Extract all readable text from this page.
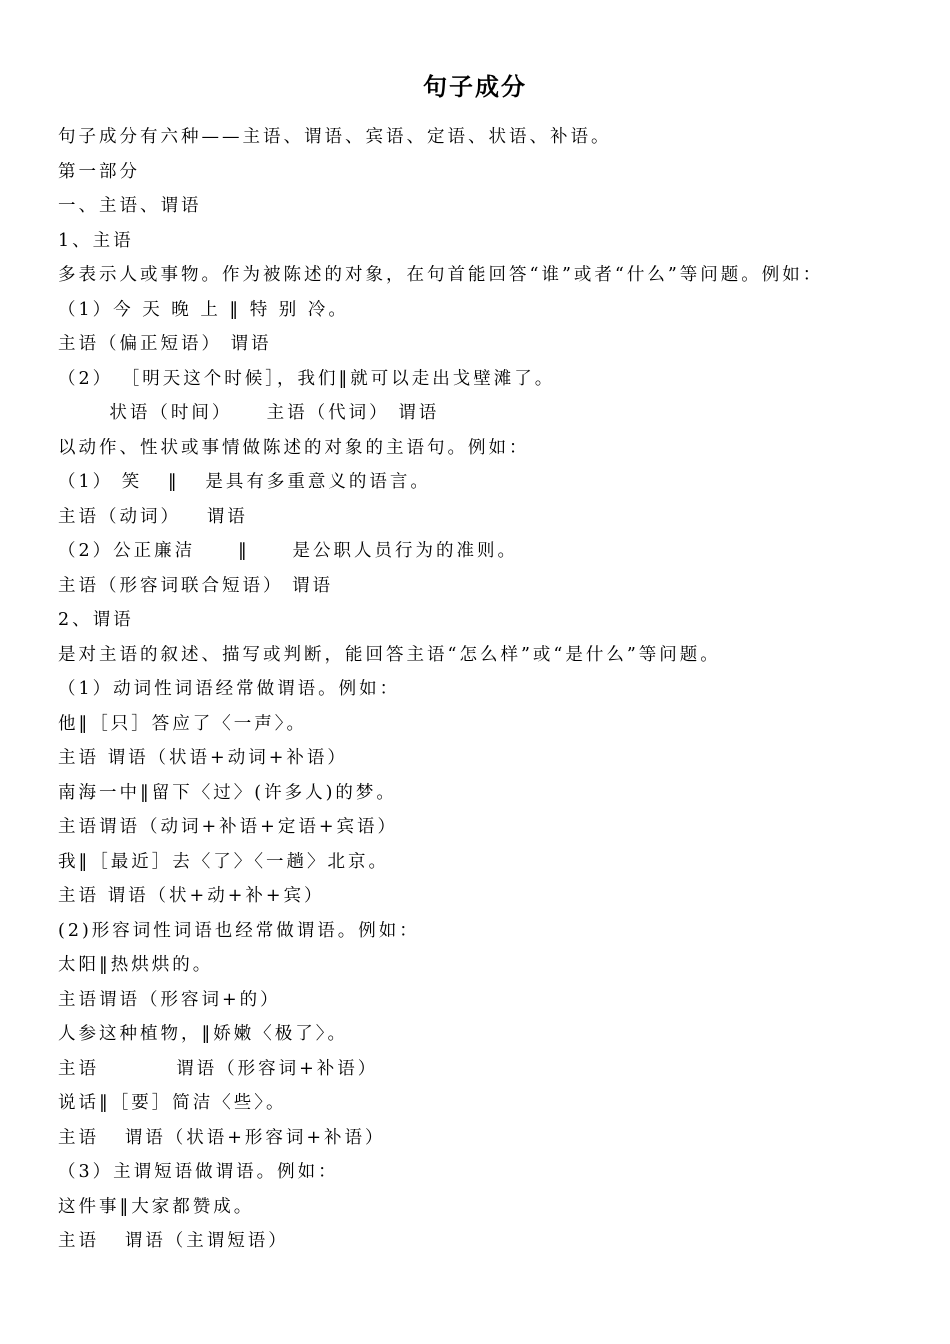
句子成分
句子成分有六种——主语、谓语、宾语、定语、状语、补语。
第一部分
一、主语、谓语
1、主语
多表示人或事物。作为被陈述的对象，在句首能回答“谁”或者“什么”等问题。例如：
（1）今 天 晚 上 ‖ 特 别 冷。
主语（偏正短语） 谓语
（2） ［明天这个时候］，我们‖就可以走出戈壁滩了。
状语（时间）    主语（代词） 谓语
以动作、性状或事情做陈述的对象的主语句。例如：
（1） 笑   ‖   是具有多重意义的语言。
主语（动词）   谓语
（2）公正廉洁     ‖     是公职人员行为的准则。
主语（形容词联合短语） 谓语
2、谓语
是对主语的叙述、描写或判断，能回答主语“怎么样”或“是什么”等问题。
（1）动词性词语经常做谓语。例如：
他‖［只］答应了〈一声〉。
主语 谓语（状语+动词+补语）
南海一中‖留下〈过〉(许多人)的梦。
主语谓语（动词+补语+定语+宾语）
我‖［最近］去〈了〉〈一趟〉北京。
主语 谓语（状+动+补+宾）
(2)形容词性词语也经常做谓语。例如：
太阳‖热烘烘的。
主语谓语（形容词+的）
人参这种植物，‖娇嫩〈极了〉。
主语         谓语（形容词+补语）
说话‖［要］简洁〈些〉。
主语   谓语（状语+形容词+补语）
（3）主谓短语做谓语。例如：
这件事‖大家都赞成。
主语   谓语（主谓短语）
